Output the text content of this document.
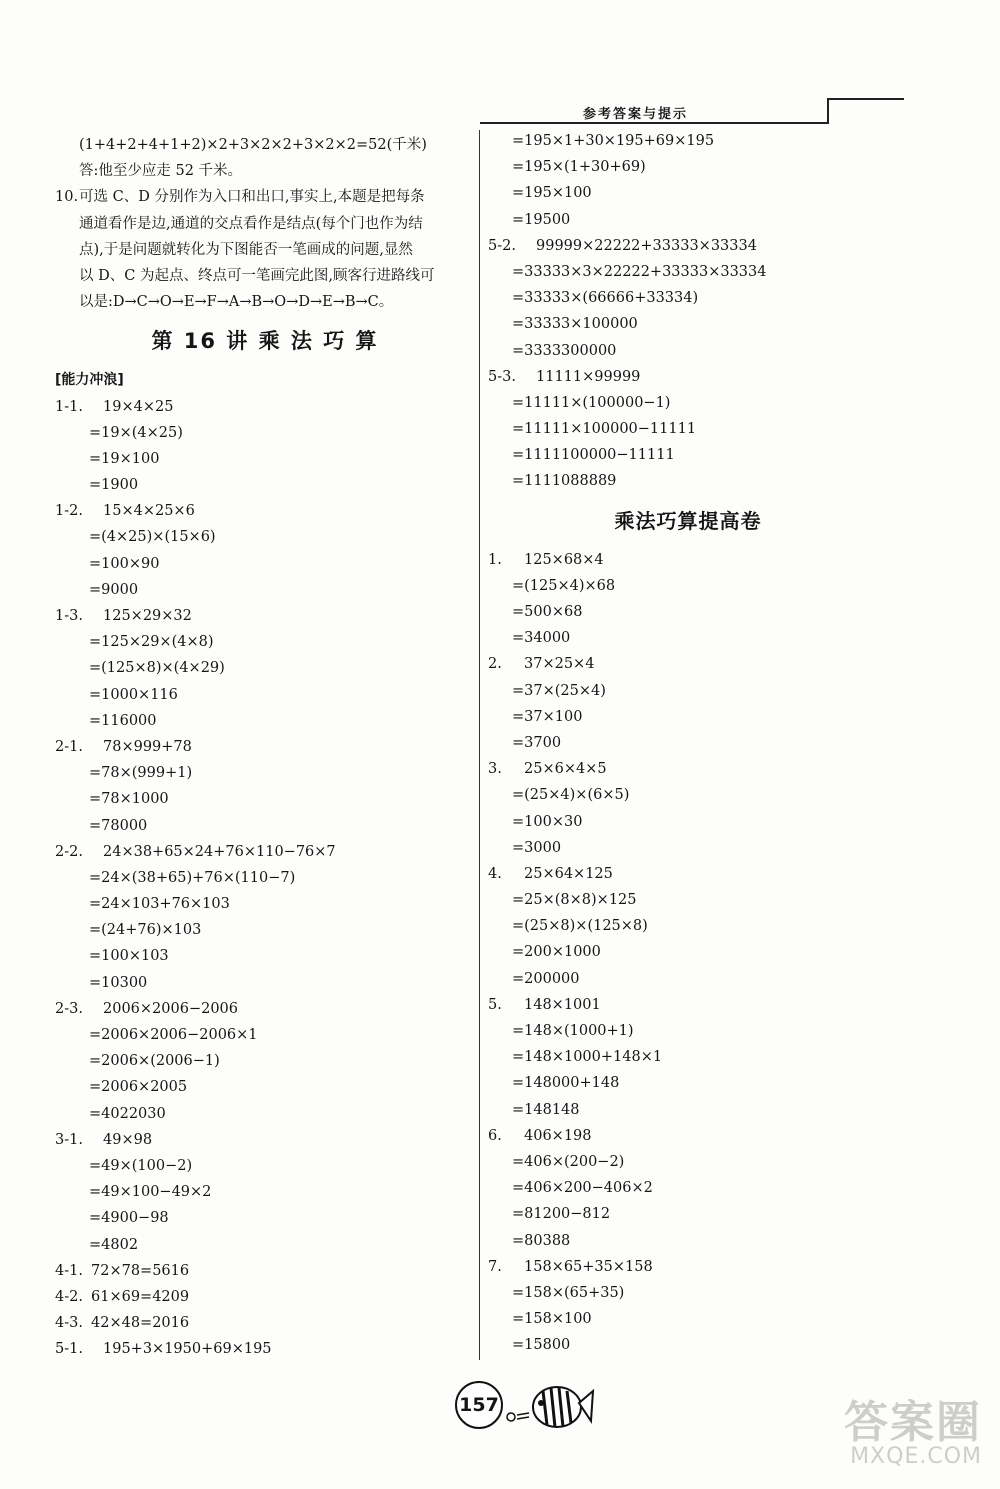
参考答案与提示
(1+4+2+4+1+2)×2+3×2×2+3×2×2=52(千米)
答:他至少应走 52 千米。
10. 可选 C、D 分别作为入口和出口,事实上,本题是把每条
通道看作是边,通道的交点看作是结点(每个门也作为结
点),于是问题就转化为下图能否一笔画成的问题,显然
以 D、C 为起点、终点可一笔画完此图,顾客行进路线可
以是:D→C→O→E→F→A→B→O→D→E→B→C。
第 16 讲 乘 法 巧 算
[能力冲浪]
1-1. 19×4×25
=19×(4×25)
=19×100
=1900
1-2. 15×4×25×6
=(4×25)×(15×6)
=100×90
=9000
1-3. 125×29×32
=125×29×(4×8)
=(125×8)×(4×29)
=1000×116
=116000
2-1. 78×999+78
=78×(999+1)
=78×1000
=78000
2-2. 24×38+65×24+76×110−76×7
=24×(38+65)+76×(110−7)
=24×103+76×103
=(24+76)×103
=100×103
=10300
2-3. 2006×2006−2006
=2006×2006−2006×1
=2006×(2006−1)
=2006×2005
=4022030
3-1. 49×98
=49×(100−2)
=49×100−49×2
=4900−98
=4802
4-1. 72×78=5616
4-2. 61×69=4209
4-3. 42×48=2016
5-1. 195+3×1950+69×195
=195×1+30×195+69×195
=195×(1+30+69)
=195×100
=19500
5-2. 99999×22222+33333×33334
=33333×3×22222+33333×33334
=33333×(66666+33334)
=33333×100000
=3333300000
5-3. 11111×99999
=11111×(100000−1)
=11111×100000−11111
=1111100000−11111
=1111088889
乘法巧算提高卷
1. 125×68×4
=(125×4)×68
=500×68
=34000
2. 37×25×4
=37×(25×4)
=37×100
=3700
3. 25×6×4×5
=(25×4)×(6×5)
=100×30
=3000
4. 25×64×125
=25×(8×8)×125
=(25×8)×(125×8)
=200×1000
=200000
5. 148×1001
=148×(1000+1)
=148×1000+148×1
=148000+148
=148148
6. 406×198
=406×(200−2)
=406×200−406×2
=81200−812
=80388
7. 158×65+35×158
=158×(65+35)
=158×100
=15800
157	答案圈
MXQE.COM
